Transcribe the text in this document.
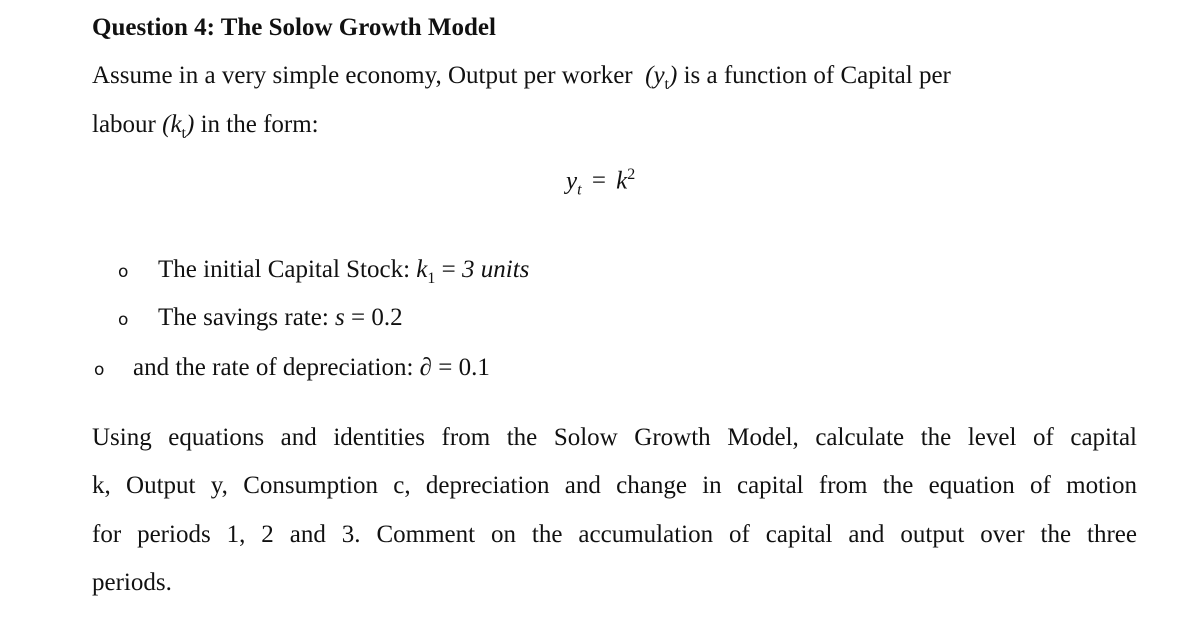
Question 4: The Solow Growth Model
Assume in a very simple economy, Output per worker $(y_t)$ is a function of Capital per
labour $(k_t)$ in the form:
$y_t = k^2$
o The initial Capital Stock: $k_1 = 3$ units
o The savings rate: s = 0.2
o and the rate of depreciation: ∂ = 0.1
Using equations and identities from the Solow Growth Model, calculate the level of capital
k, Output y, Consumption c, depreciation and change in capital from the equation of motion
for periods 1, 2 and 3. Comment on the accumulation of capital and output over the three
periods.
